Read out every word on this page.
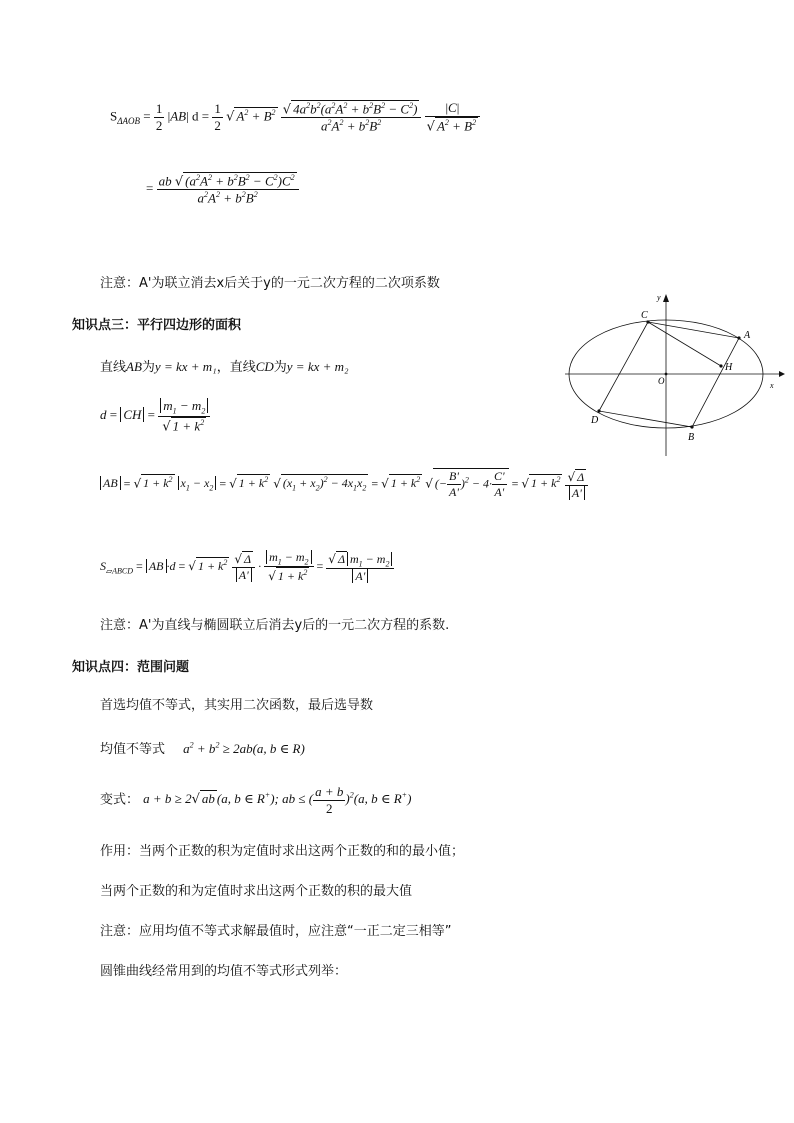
$S_{\Delta AOB} = \frac{1}{2} |AB|$ $d = \frac{1}{2}$ √ $A^2 + B^2 \frac{√ 4a^2b^2(a^2A^2 + b^2B^2 - C^2)}{a^2A^2 + b^2B^2}$
$\frac{|C|}{√ A^2 + B^2}$
= $\frac{ab √ (a^2A^2 + b^2B^2 - C^2)C^2}{a^2A^2 + b^2B^2}$
注意：A'为联立消去x后关于y的一元二次方程的二次项系数
知识点三：平行四边形的面积
直线AB为y = kx + m₁，直线CD为y = kx + m₂
d = CH = $\frac{m_1 - m_2}{√ 1 + k^2}$
AB = √ $1 + k^2$ $x_1 - x_2$ = √ $1 + k^2$ √ $(x_1 + x_2)^2 - 4x_1x_2$ = √ $1 + k^2$ √ (− $\frac{B'}{A'} )^2 - 4\cdot \frac{C'}{A'}$ = √ $1 + k^2 \frac{√ \Delta}{A'}$
$S_{▱ABCD}$ = AB ·d = √ $1 + k^2 \frac{√ \Delta}{A'} \cdot \frac{m_1 - m_2}{√ 1 + k^2} = \frac{√ \Delta m_1 - m_2}{A'}$
注意：A'为直线与椭圆联立后消去y后的一元二次方程的系数.
知识点四：范围问题
首选均值不等式，其实用二次函数，最后选导数
均值不等式 $a^2 + b^2 \ge 2ab(a$, b ∈ R)
变式： a + b ≥ 2√ ab (a, b ∈ R+); ab ≤ ( $\frac{a + b}{2} )^2(a$, b ∈ R+)
作用：当两个正数的积为定值时求出这两个正数的和的最小值；
当两个正数的和为定值时求出这两个正数的积的最大值
注意：应用均值不等式求解最值时，应注意“一正二定三相等”
圆锥曲线经常用到的均值不等式形式列举：
x
y
C
A
B
D
H
O
